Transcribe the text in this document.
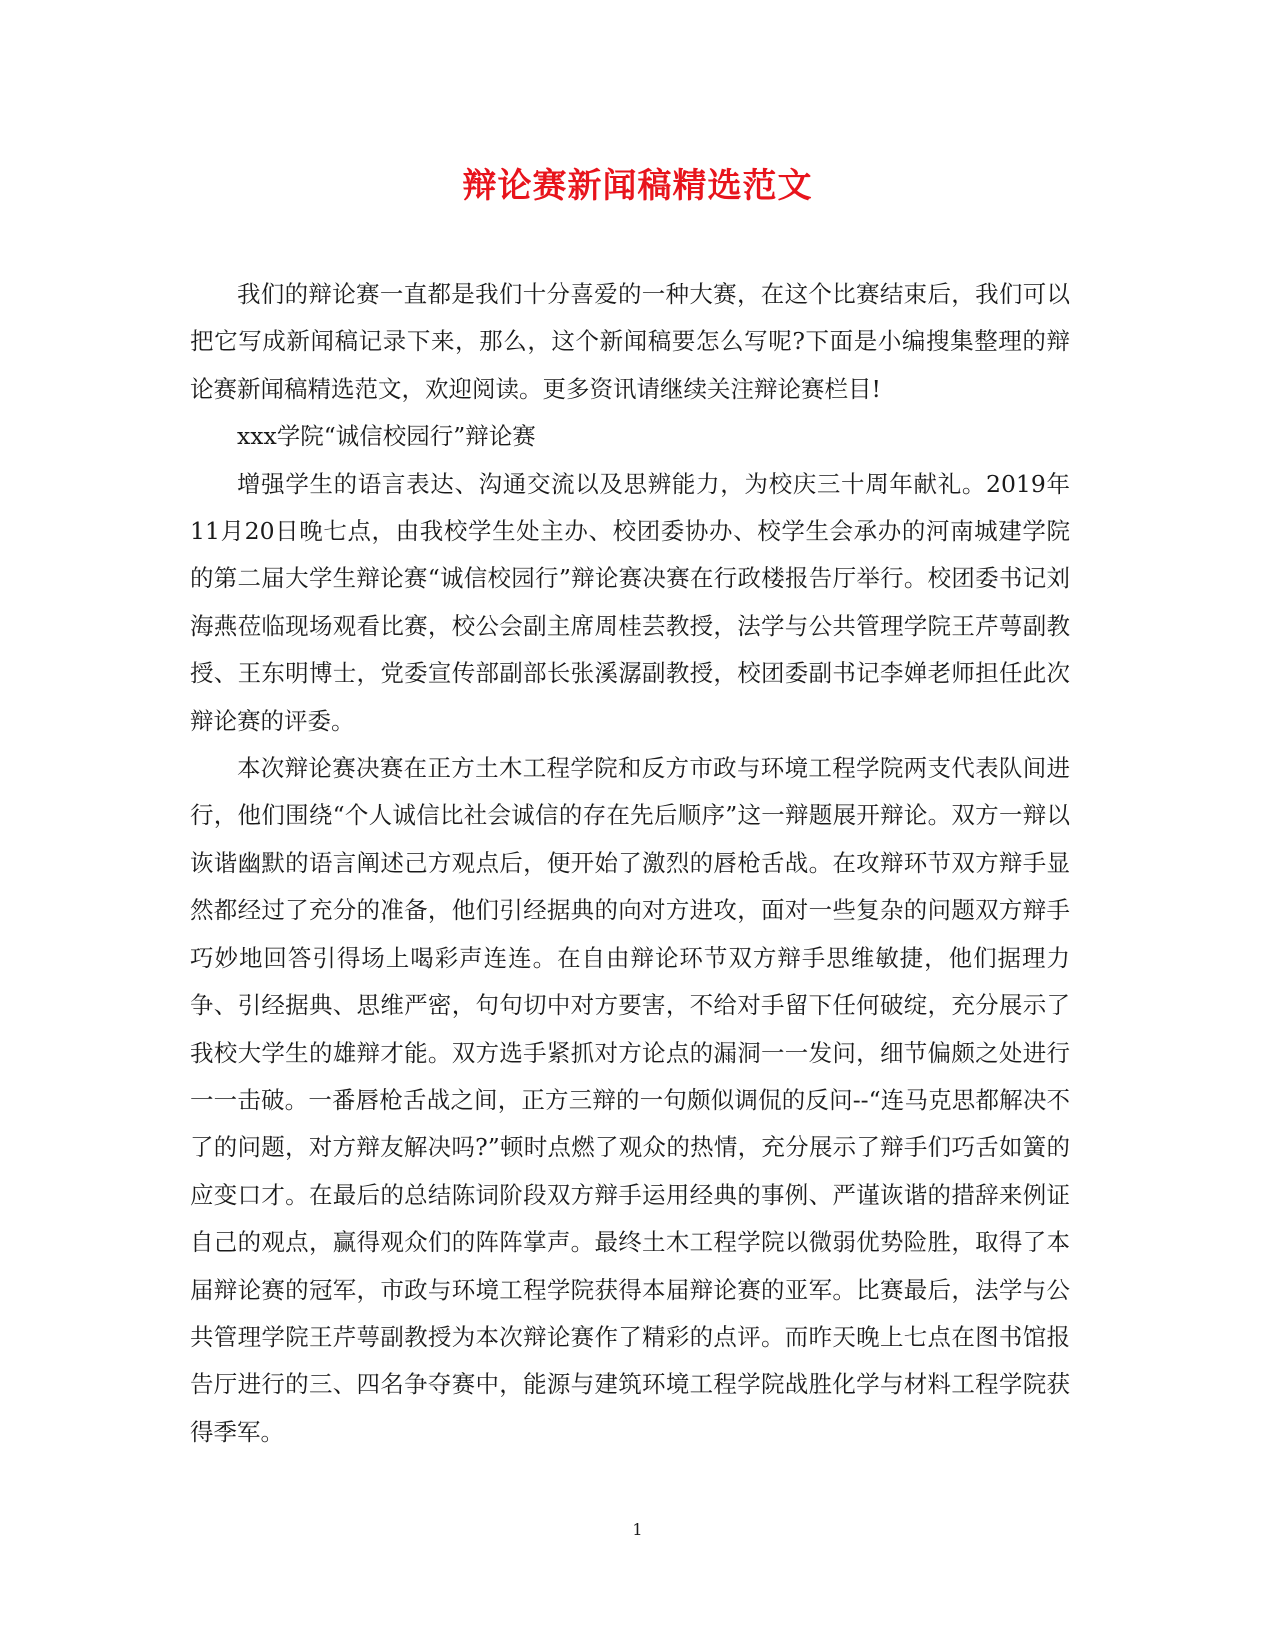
辩论赛新闻稿精选范文

我们的辩论赛一直都是我们十分喜爱的一种大赛，在这个比赛结束后，我们可以把它写成新闻稿记录下来，那么，这个新闻稿要怎么写呢?下面是小编搜集整理的辩论赛新闻稿精选范文，欢迎阅读。更多资讯请继续关注辩论赛栏目!

xxx学院“诚信校园行”辩论赛

增强学生的语言表达、沟通交流以及思辨能力，为校庆三十周年献礼。2019年11月20日晚七点，由我校学生处主办、校团委协办、校学生会承办的河南城建学院的第二届大学生辩论赛“诚信校园行”辩论赛决赛在行政楼报告厅举行。校团委书记刘海燕莅临现场观看比赛，校公会副主席周桂芸教授，法学与公共管理学院王芹萼副教授、王东明博士，党委宣传部副部长张溪潺副教授，校团委副书记李婵老师担任此次辩论赛的评委。

本次辩论赛决赛在正方土木工程学院和反方市政与环境工程学院两支代表队间进行，他们围绕“个人诚信比社会诚信的存在先后顺序”这一辩题展开辩论。双方一辩以诙谐幽默的语言阐述己方观点后，便开始了激烈的唇枪舌战。在攻辩环节双方辩手显然都经过了充分的准备，他们引经据典的向对方进攻，面对一些复杂的问题双方辩手巧妙地回答引得场上喝彩声连连。在自由辩论环节双方辩手思维敏捷，他们据理力争、引经据典、思维严密，句句切中对方要害，不给对手留下任何破绽，充分展示了我校大学生的雄辩才能。双方选手紧抓对方论点的漏洞一一发问，细节偏颇之处进行一一击破。一番唇枪舌战之间，正方三辩的一句颇似调侃的反问--“连马克思都解决不了的问题，对方辩友解决吗?”顿时点燃了观众的热情，充分展示了辩手们巧舌如簧的应变口才。在最后的总结陈词阶段双方辩手运用经典的事例、严谨诙谐的措辞来例证自己的观点，赢得观众们的阵阵掌声。最终土木工程学院以微弱优势险胜，取得了本届辩论赛的冠军，市政与环境工程学院获得本届辩论赛的亚军。比赛最后，法学与公共管理学院王芹萼副教授为本次辩论赛作了精彩的点评。而昨天晚上七点在图书馆报告厅进行的三、四名争夺赛中，能源与建筑环境工程学院战胜化学与材料工程学院获得季军。

1
